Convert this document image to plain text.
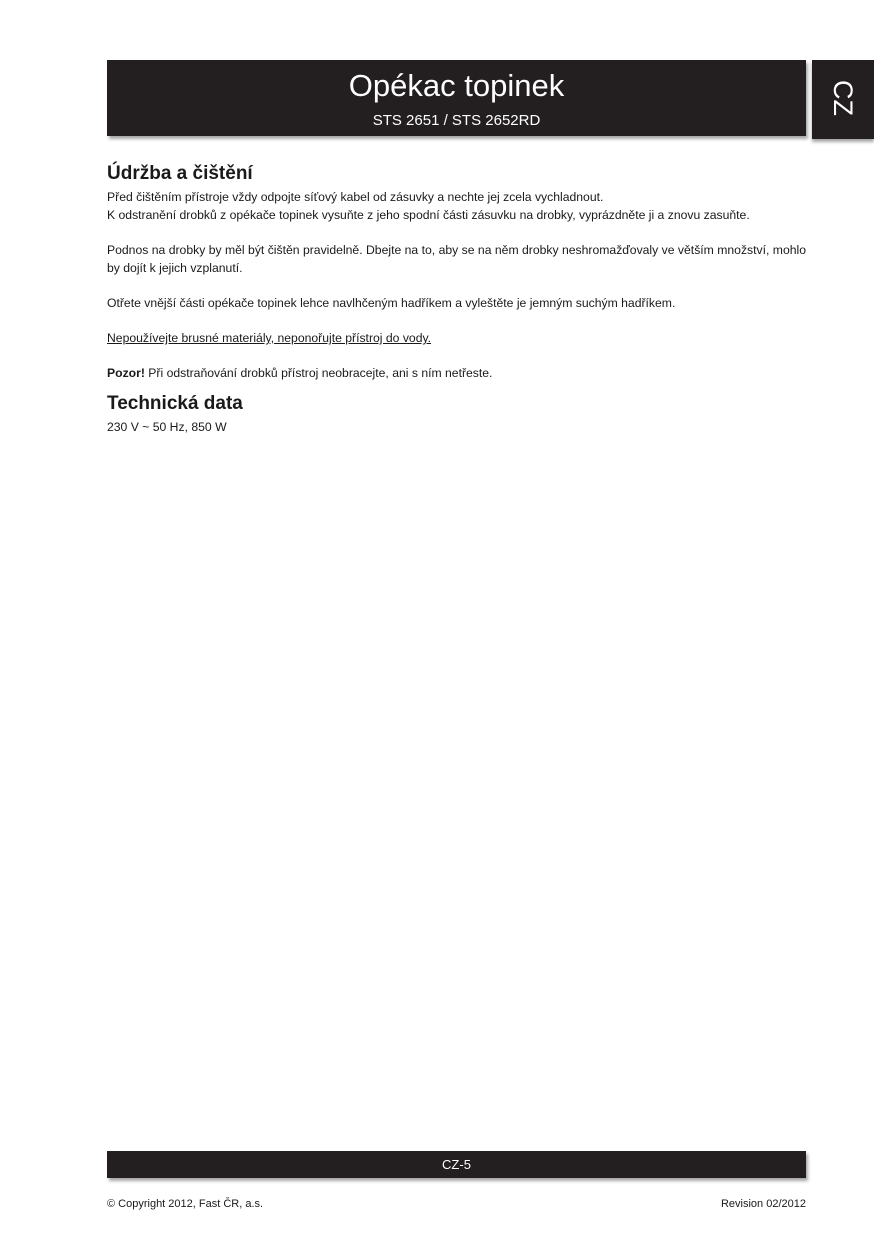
Opékac topinek
STS 2651 / STS 2652RD
CZ
Údržba a čištění

Před čištěním přístroje vždy odpojte síťový kabel od zásuvky a nechte jej zcela vychladnout.
K odstranění drobků z opékače topinek vysuňte z jeho spodní části zásuvku na drobky, vyprázdněte ji a znovu zasuňte.

Podnos na drobky by měl být čištěn pravidelně. Dbejte na to, aby se na něm drobky neshromažďovaly ve větším množství, mohlo by dojít k jejich vzplanutí.

Otřete vnější části opékače topinek lehce navlhčeným hadříkem a vyleštěte je jemným suchým hadříkem.

Nepoužívejte brusné materiály, neponořujte přístroj do vody.

Pozor! Při odstraňování drobků přístroj neobracejte, ani s ním netřeste.

Technická data

230 V ~ 50 Hz, 850 W

CZ-5
© Copyright 2012, Fast ČR, a.s.	Revision 02/2012
